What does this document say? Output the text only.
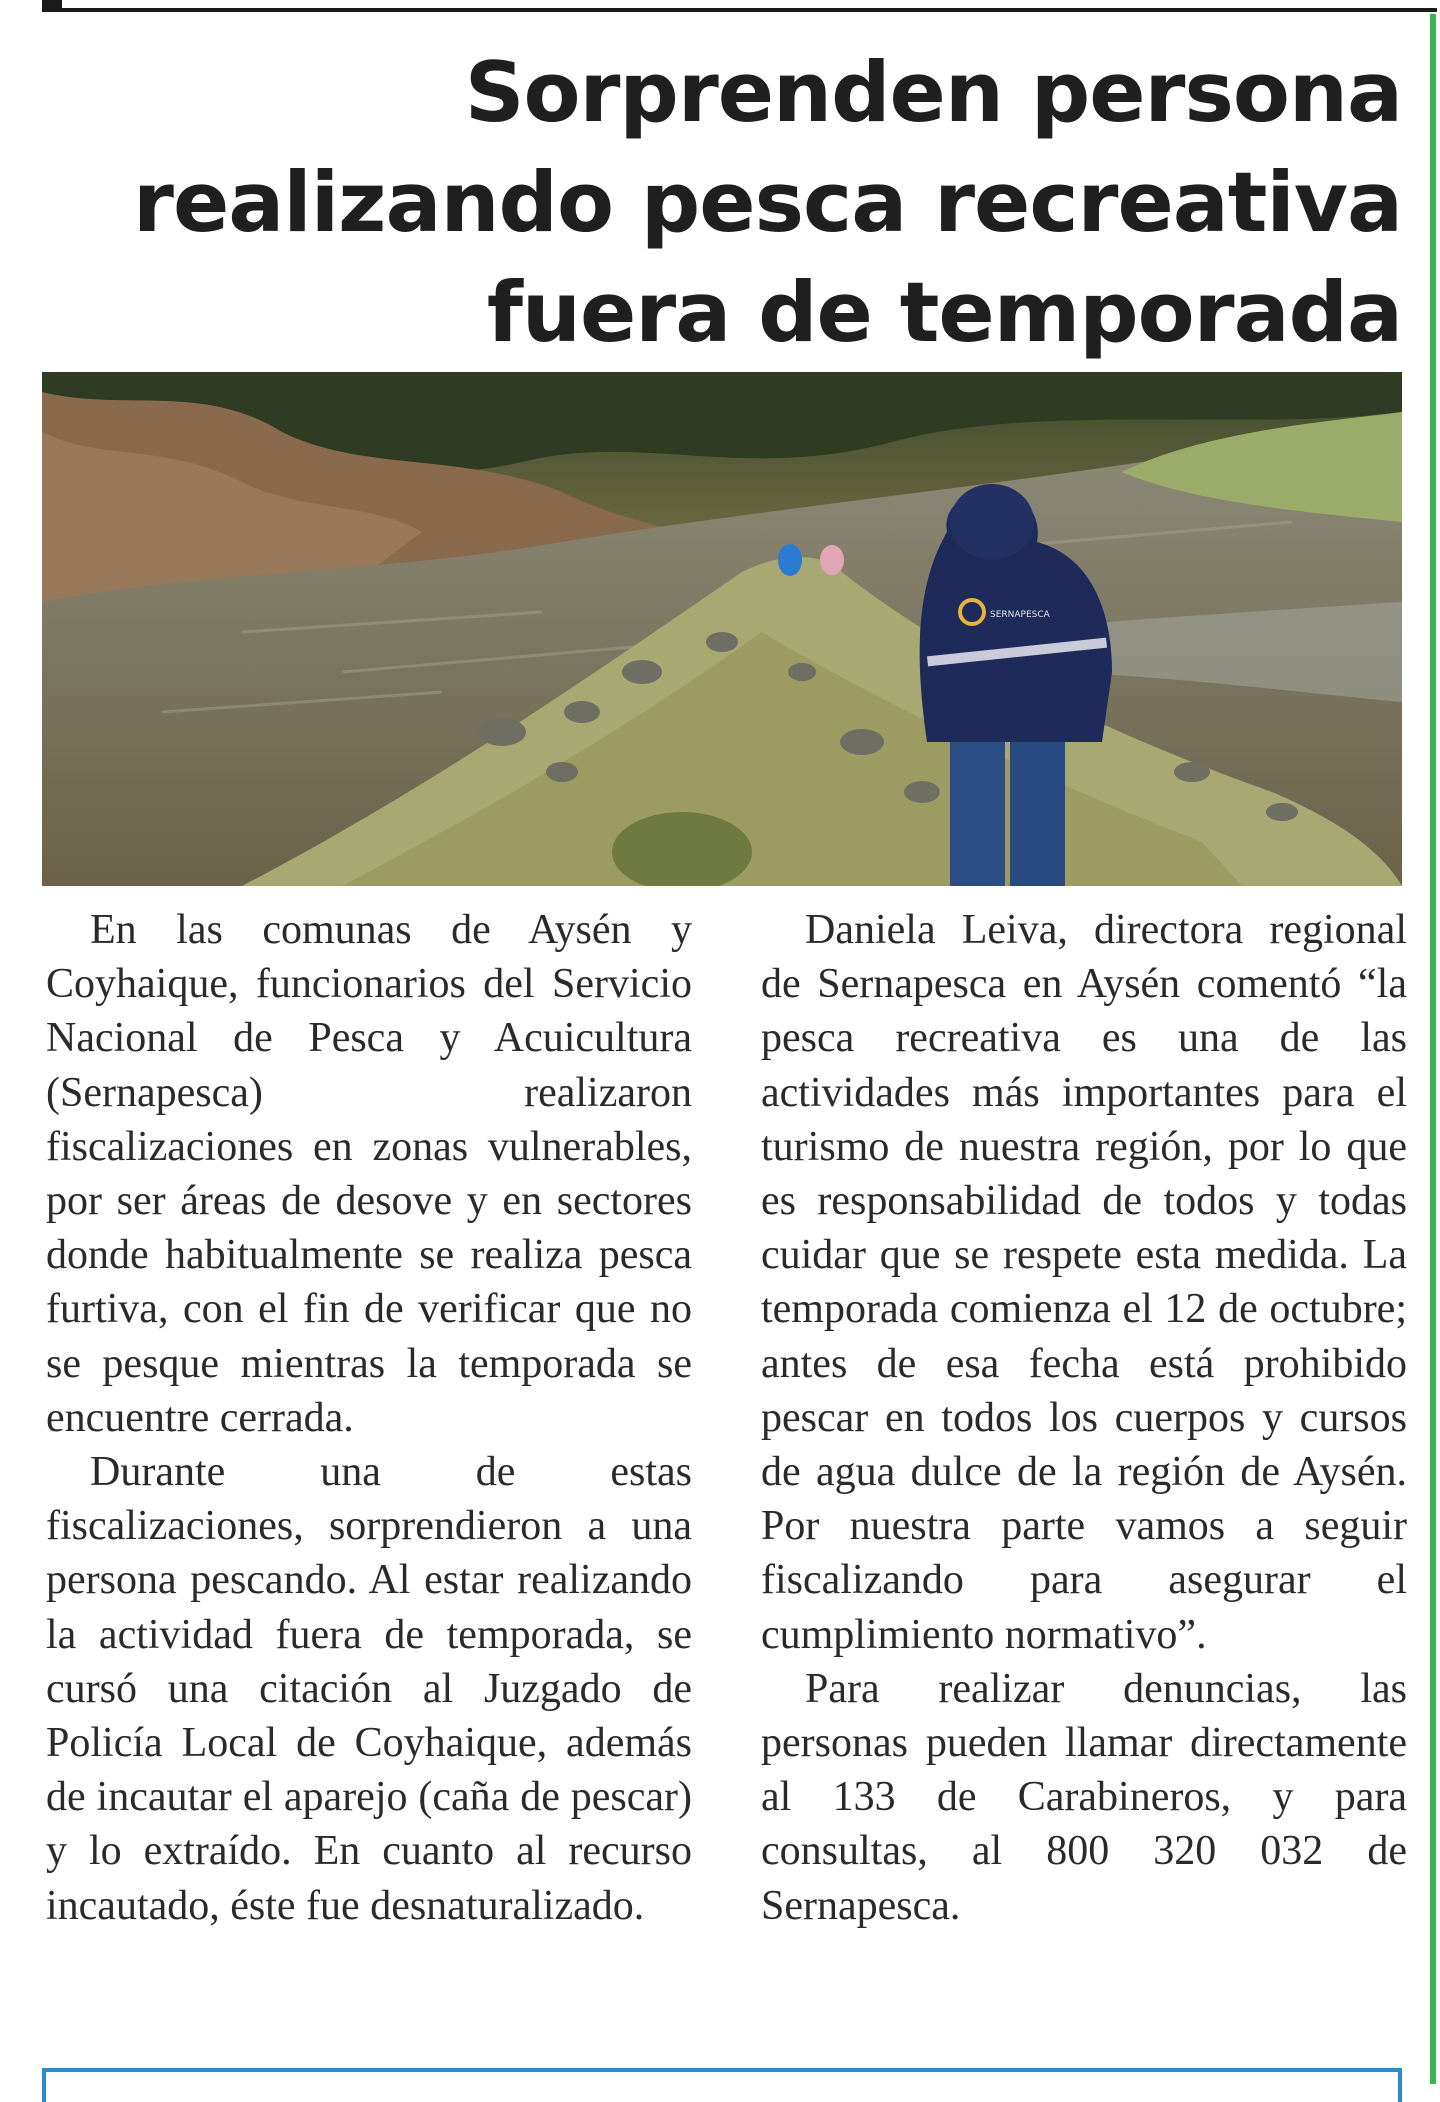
Sorprenden persona
realizando pesca recreativa
fuera de temporada
SERNAPESCA

En las comunas de Aysén y Coyhaique, funcionarios del Servicio Nacional de Pesca y Acuicultura (Sernapesca) realizaron fiscalizaciones en zonas vulnerables, por ser áreas de desove y en sectores donde habitualmente se realiza pesca furtiva, con el fin de verificar que no se pesque mientras la temporada se encuentre cerrada.

Durante una de estas fiscalizaciones, sorprendieron a una persona pescando. Al estar realizando la actividad fuera de temporada, se cursó una citación al Juzgado de Policía Local de Coyhaique, además de incautar el aparejo (caña de pescar) y lo extraído. En cuanto al recurso incautado, éste fue desnaturalizado.

Daniela Leiva, directora regional de Sernapesca en Aysén comentó “la pesca recreativa es una de las actividades más importantes para el turismo de nuestra región, por lo que es responsabilidad de todos y todas cuidar que se respete esta medida. La temporada comienza el 12 de octubre; antes de esa fecha está prohibido pescar en todos los cuerpos y cursos de agua dulce de la región de Aysén. Por nuestra parte vamos a seguir fiscalizando para asegurar el cumplimiento normativo”.

Para realizar denuncias, las personas pueden llamar directamente al 133 de Carabineros, y para consultas, al 800 320 032 de Sernapesca.
